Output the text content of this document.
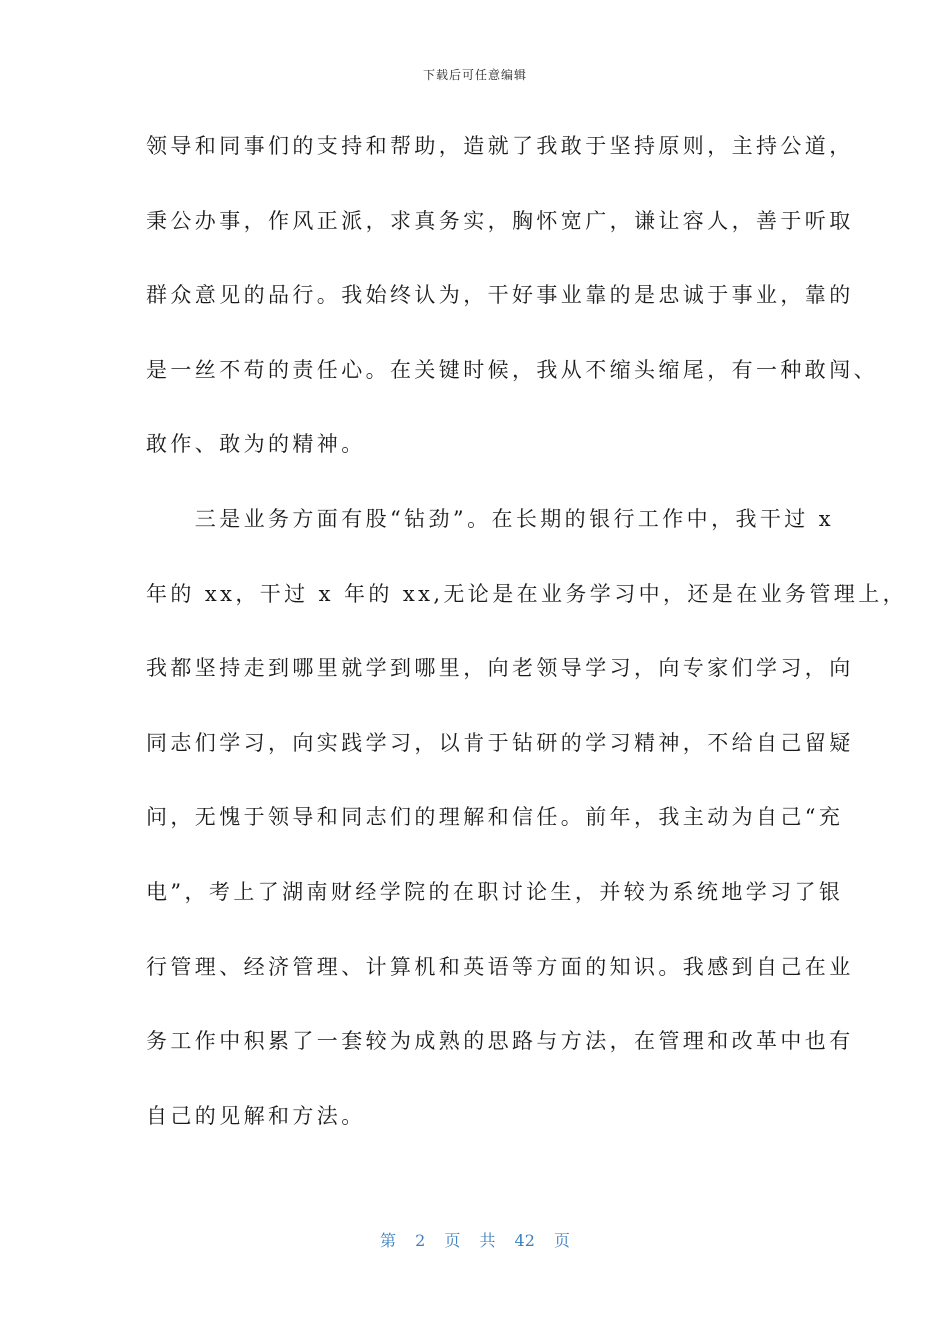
下载后可任意编辑
领导和同事们的支持和帮助，造就了我敢于坚持原则，主持公道，
秉公办事，作风正派，求真务实，胸怀宽广，谦让容人，善于听取
群众意见的品行。我始终认为，干好事业靠的是忠诚于事业，靠的
是一丝不苟的责任心。在关键时候，我从不缩头缩尾，有一种敢闯、
敢作、敢为的精神。
　　三是业务方面有股“钻劲”。在长期的银行工作中，我干过 x
年的 xx，干过 x 年的 xx,无论是在业务学习中，还是在业务管理上，
我都坚持走到哪里就学到哪里，向老领导学习，向专家们学习，向
同志们学习，向实践学习，以肯于钻研的学习精神，不给自己留疑
问，无愧于领导和同志们的理解和信任。前年，我主动为自己“充
电”，考上了湖南财经学院的在职讨论生，并较为系统地学习了银
行管理、经济管理、计算机和英语等方面的知识。我感到自己在业
务工作中积累了一套较为成熟的思路与方法，在管理和改革中也有
自己的见解和方法。
第 2 页 共 42 页
